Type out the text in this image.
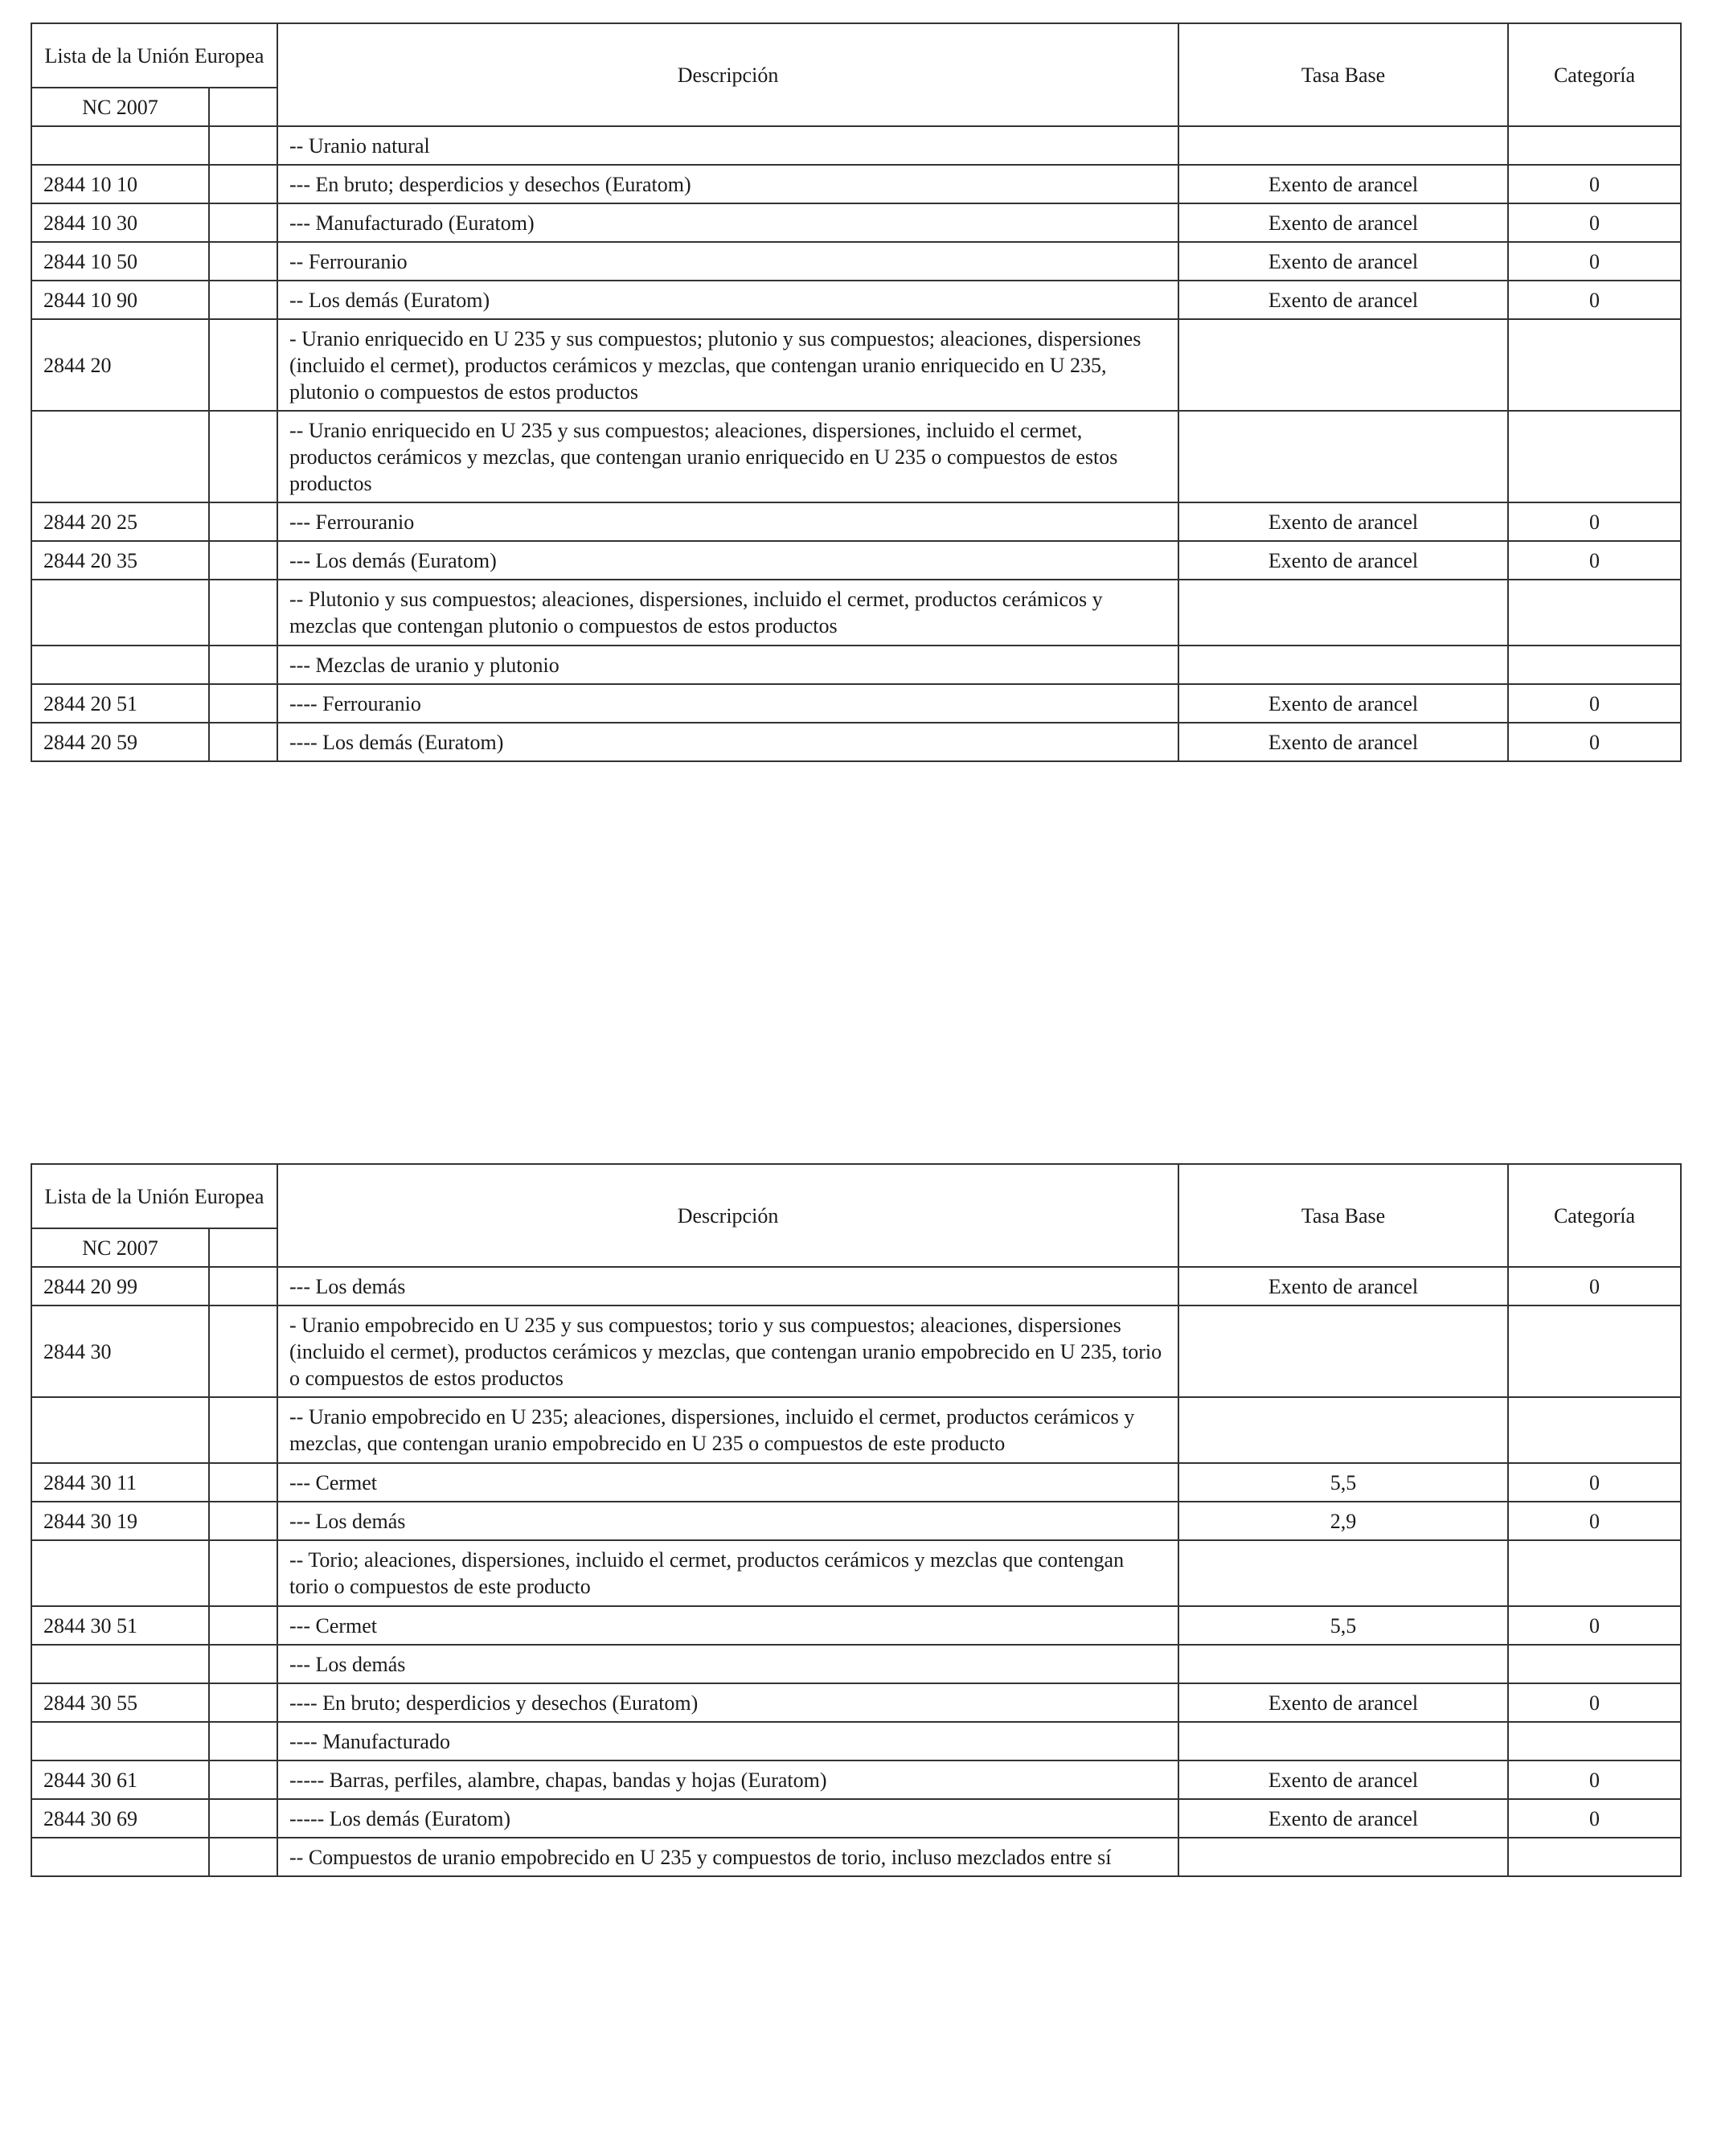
Lista de la Unión Europea		Descripción	Tasa Base	Categoría
NC 2007				
		-- Uranio natural		
2844 10 10		--- En bruto; desperdicios y desechos (Euratom)	Exento de arancel	0
2844 10 30		--- Manufacturado (Euratom)	Exento de arancel	0
2844 10 50		-- Ferrouranio	Exento de arancel	0
2844 10 90		-- Los demás (Euratom)	Exento de arancel	0
2844 20		- Uranio enriquecido en U 235 y sus compuestos; plutonio y sus compuestos; aleaciones, dispersiones (incluido el cermet), productos cerámicos y mezclas, que contengan uranio enriquecido en U 235, plutonio o compuestos de estos productos		
		-- Uranio enriquecido en U 235 y sus compuestos; aleaciones, dispersiones, incluido el cermet, productos cerámicos y mezclas, que contengan uranio enriquecido en U 235 o compuestos de estos productos		
2844 20 25		--- Ferrouranio	Exento de arancel	0
2844 20 35		--- Los demás (Euratom)	Exento de arancel	0
		-- Plutonio y sus compuestos; aleaciones, dispersiones, incluido el cermet, productos cerámicos y mezclas que contengan plutonio o compuestos de estos productos		
		--- Mezclas de uranio y plutonio		
2844 20 51		---- Ferrouranio	Exento de arancel	0
2844 20 59		---- Los demás (Euratom)	Exento de arancel	0
Lista de la Unión Europea		Descripción	Tasa Base	Categoría
NC 2007				
2844 20 99		--- Los demás	Exento de arancel	0
2844 30		- Uranio empobrecido en U 235 y sus compuestos; torio y sus compuestos; aleaciones, dispersiones (incluido el cermet), productos cerámicos y mezclas, que contengan uranio empobrecido en U 235, torio o compuestos de estos productos		
		-- Uranio empobrecido en U 235; aleaciones, dispersiones, incluido el cermet, productos cerámicos y mezclas, que contengan uranio empobrecido en U 235 o compuestos de este producto		
2844 30 11		--- Cermet	5,5	0
2844 30 19		--- Los demás	2,9	0
		-- Torio; aleaciones, dispersiones, incluido el cermet, productos cerámicos y mezclas que contengan torio o compuestos de este producto		
2844 30 51		--- Cermet	5,5	0
		--- Los demás		
2844 30 55		---- En bruto; desperdicios y desechos (Euratom)	Exento de arancel	0
		---- Manufacturado		
2844 30 61		----- Barras, perfiles, alambre, chapas, bandas y hojas (Euratom)	Exento de arancel	0
2844 30 69		----- Los demás (Euratom)	Exento de arancel	0
		-- Compuestos de uranio empobrecido en U 235 y compuestos de torio, incluso mezclados entre sí		
